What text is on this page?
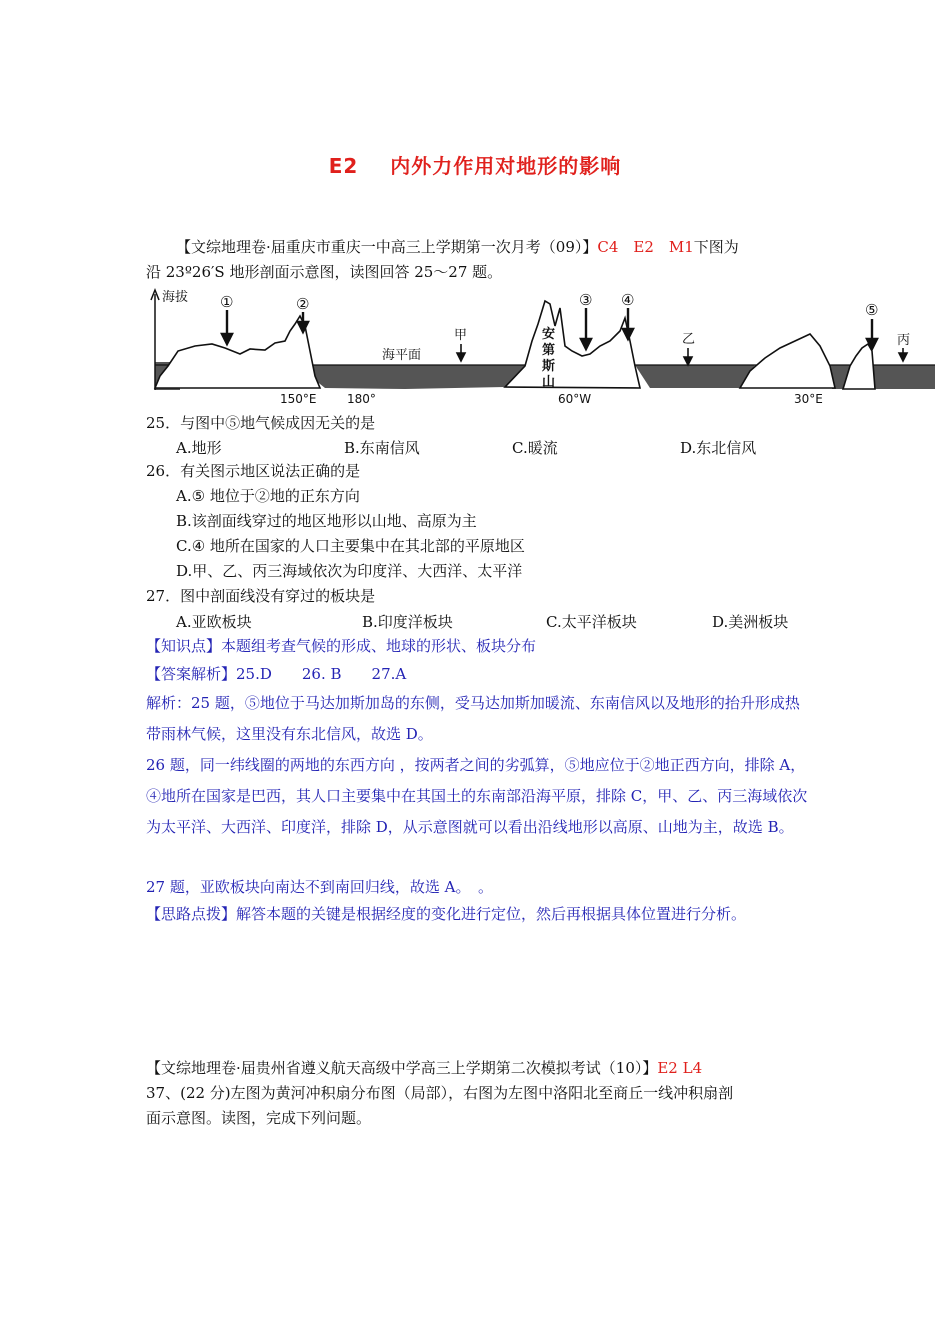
E2 内外力作用对地形的影响
【文综地理卷·届重庆市重庆一中高三上学期第一次月考（09）】C4　E2　M1下图为
沿 23º26′S 地形剖面示意图，读图回答 25～27 题。
海拔
海平面
安
第
斯
山
①	②	③ ④
⑤
甲	乙	丙
150°E	180°	60°W	30°E
25．与图中⑤地气候成因无关的是
A.地形	B.东南信风	C.暖流	D.东北信风
26．有关图示地区说法正确的是
A.⑤ 地位于②地的正东方向
B.该剖面线穿过的地区地形以山地、高原为主
C.④ 地所在国家的人口主要集中在其北部的平原地区
D.甲、乙、丙三海域依次为印度洋、大西洋、太平洋
27．图中剖面线没有穿过的板块是
A.亚欧板块	B.印度洋板块	C.太平洋板块	D.美洲板块
【知识点】本题组考查气候的形成、地球的形状、板块分布
【答案解析】25.D　　26. B　　27.A
解析：25 题，⑤地位于马达加斯加岛的东侧，受马达加斯加暖流、东南信风以及地形的抬升形成热带雨林气候，这里没有东北信风，故选 D。
26 题，同一纬线圈的两地的东西方向 ，按两者之间的劣弧算，⑤地应位于②地正西方向，排除 A，④地所在国家是巴西，其人口主要集中在其国土的东南部沿海平原，排除 C，甲、乙、丙三海域依次为太平洋、大西洋、印度洋，排除 D，从示意图就可以看出沿线地形以高原、山地为主，故选 B。
27 题，亚欧板块向南达不到南回归线，故选 A。　。
【思路点拨】解答本题的关键是根据经度的变化进行定位，然后再根据具体位置进行分析。
【文综地理卷·届贵州省遵义航天高级中学高三上学期第二次模拟考试（10）】E2 L4
37、(22 分)左图为黄河冲积扇分布图（局部），右图为左图中洛阳北至商丘一线冲积扇剖
面示意图。读图，完成下列问题。
